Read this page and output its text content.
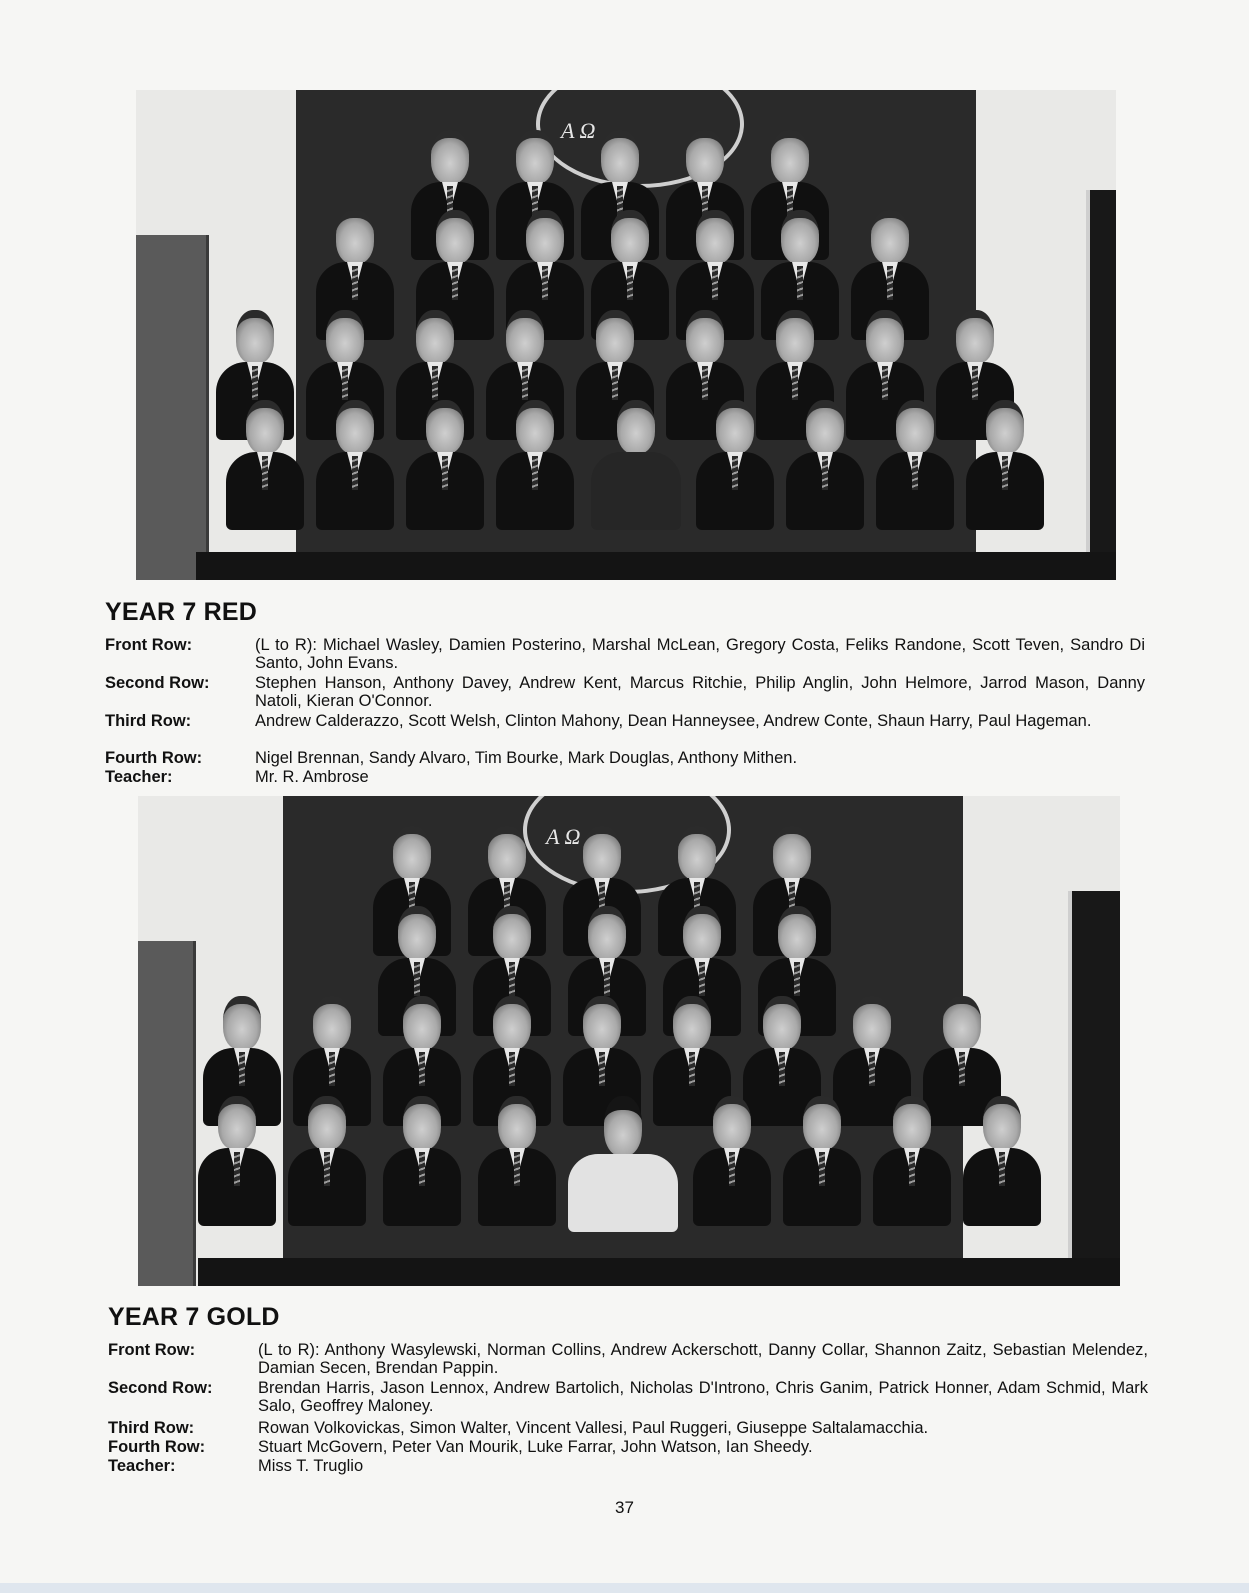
A Ω
YEAR 7 RED
Front Row:	(L to R): Michael Wasley, Damien Posterino, Marshal McLean, Gregory Costa, Feliks Randone, Scott Teven, Sandro Di Santo, John Evans.
Second Row:	Stephen Hanson, Anthony Davey, Andrew Kent, Marcus Ritchie, Philip Anglin, John Helmore, Jarrod Mason, Danny Natoli, Kieran O'Connor.
Third Row:	Andrew Calderazzo, Scott Welsh, Clinton Mahony, Dean Hanneysee, Andrew Conte, Shaun Harry, Paul Hageman.
Fourth Row:	Nigel Brennan, Sandy Alvaro, Tim Bourke, Mark Douglas, Anthony Mithen.
Teacher:	Mr. R. Ambrose
A Ω
YEAR 7 GOLD
Front Row:	(L to R): Anthony Wasylewski, Norman Collins, Andrew Ackerschott, Danny Collar, Shannon Zaitz, Sebastian Melendez, Damian Secen, Brendan Pappin.
Second Row:	Brendan Harris, Jason Lennox, Andrew Bartolich, Nicholas D'Introno, Chris Ganim, Patrick Honner, Adam Schmid, Mark Salo, Geoffrey Maloney.
Third Row:	Rowan Volkovickas, Simon Walter, Vincent Vallesi, Paul Ruggeri, Giuseppe Saltalamacchia.
Fourth Row:	Stuart McGovern, Peter Van Mourik, Luke Farrar, John Watson, Ian Sheedy.
Teacher:	Miss T. Truglio
37
